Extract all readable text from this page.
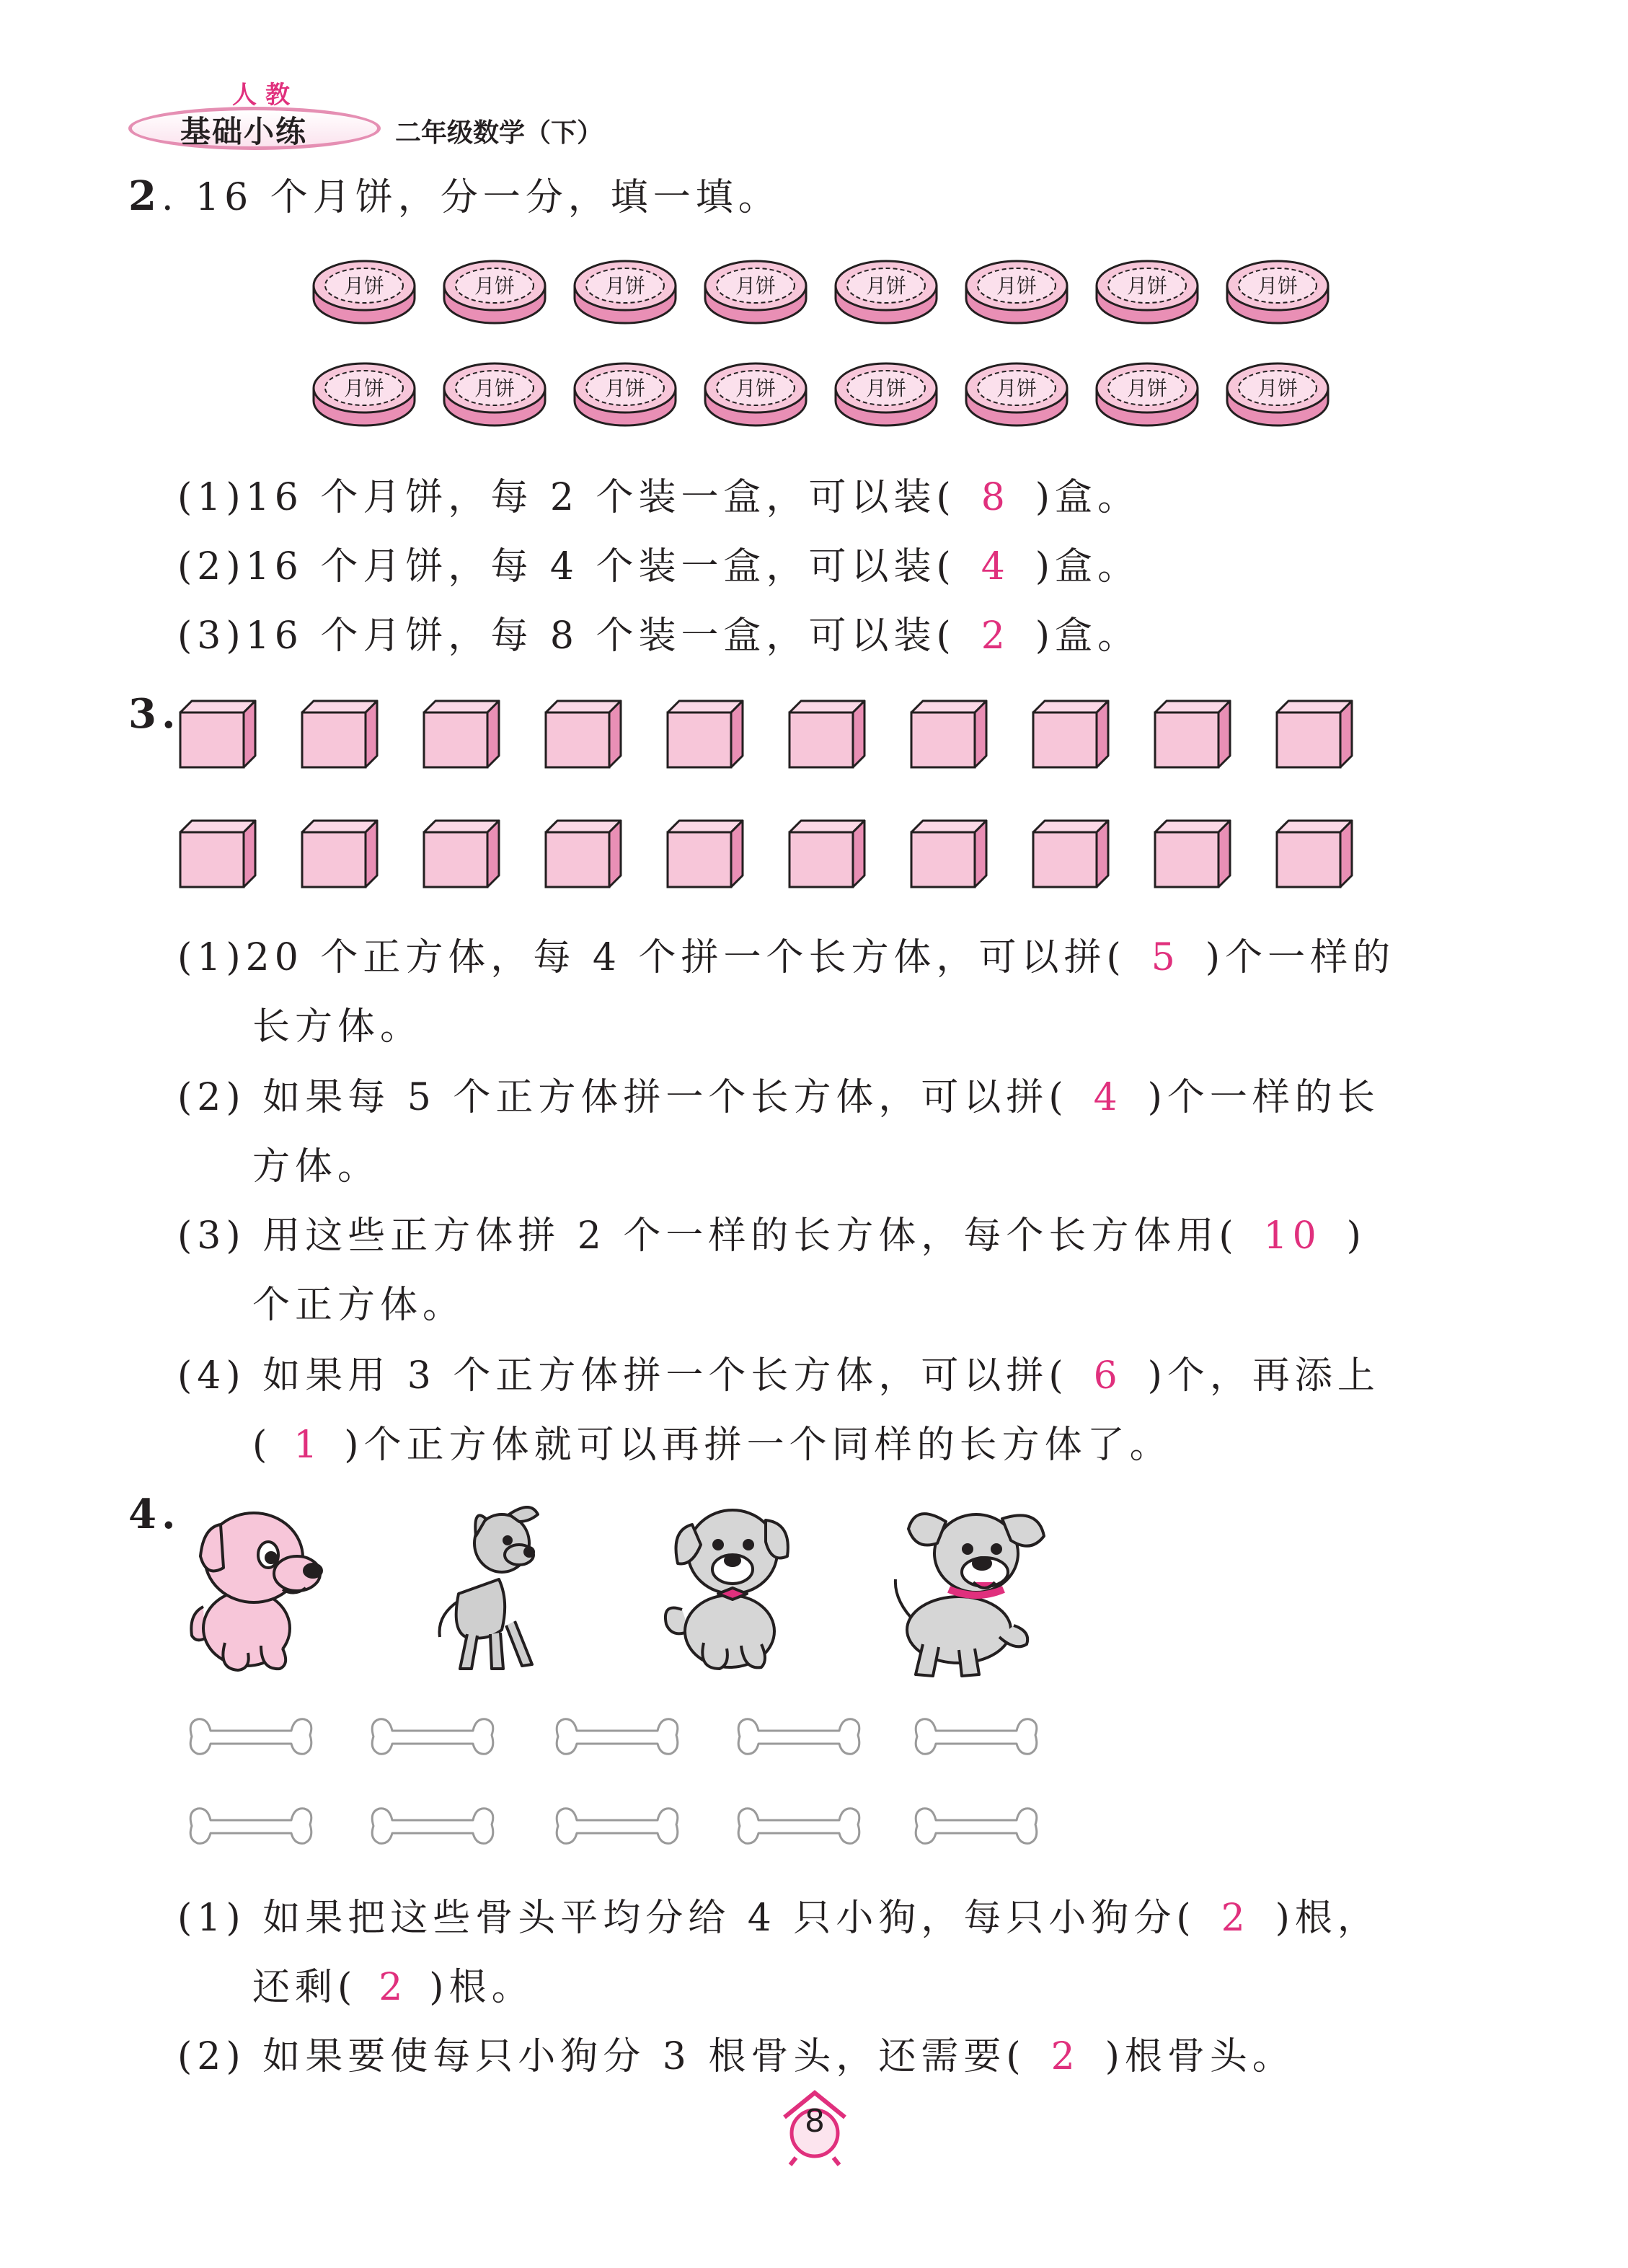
人教
基础小练	二年级数学（下）
2. 16 个月饼，分一分，填一填。
月饼	月饼	月饼	月饼	月饼	月饼	月饼	月饼
月饼	月饼	月饼	月饼	月饼	月饼	月饼	月饼
(1)16 个月饼，每 2 个装一盒，可以装( 8 )盒。
(2)16 个月饼，每 4 个装一盒，可以装( 4 )盒。
(3)16 个月饼，每 8 个装一盒，可以装( 2 )盒。
3.
(1)20 个正方体，每 4 个拼一个长方体，可以拼( 5 )个一样的
长方体。
(2) 如果每 5 个正方体拼一个长方体，可以拼( 4 )个一样的长
方体。
(3) 用这些正方体拼 2 个一样的长方体，每个长方体用( 10 )
个正方体。
(4) 如果用 3 个正方体拼一个长方体，可以拼( 6 )个，再添上
( 1 )个正方体就可以再拼一个同样的长方体了。
4.
(1) 如果把这些骨头平均分给 4 只小狗，每只小狗分( 2 )根，
还剩( 2 )根。
(2) 如果要使每只小狗分 3 根骨头，还需要( 2 )根骨头。
8
